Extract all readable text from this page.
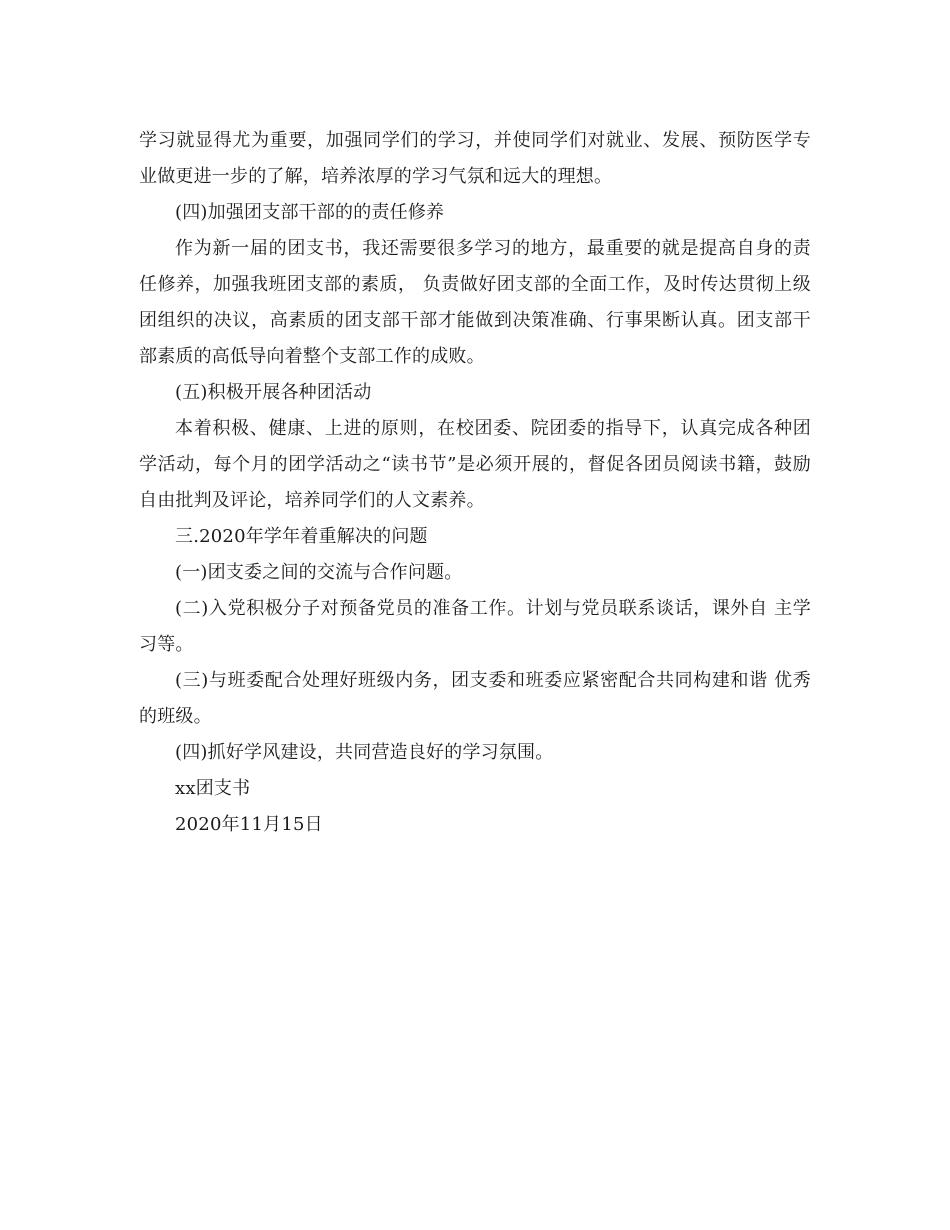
学习就显得尤为重要，加强同学们的学习，并使同学们对就业、发展、预防医学专业做更进一步的了解，培养浓厚的学习气氛和远大的理想。

(四)加强团支部干部的的责任修养

作为新一届的团支书，我还需要很多学习的地方，最重要的就是提高自身的责任修养，加强我班团支部的素质， 负责做好团支部的全面工作，及时传达贯彻上级团组织的决议，高素质的团支部干部才能做到决策准确、行事果断认真。团支部干部素质的高低导向着整个支部工作的成败。

(五)积极开展各种团活动

本着积极、健康、上进的原则，在校团委、院团委的指导下，认真完成各种团学活动，每个月的团学活动之“读书节”是必须开展的，督促各团员阅读书籍，鼓励自由批判及评论，培养同学们的人文素养。

三.2020年学年着重解决的问题

(一)团支委之间的交流与合作问题。

(二)入党积极分子对预备党员的准备工作。计划与党员联系谈话，课外自 主学习等。

(三)与班委配合处理好班级内务，团支委和班委应紧密配合共同构建和谐 优秀的班级。

(四)抓好学风建设，共同营造良好的学习氛围。

xx团支书

2020年11月15日
